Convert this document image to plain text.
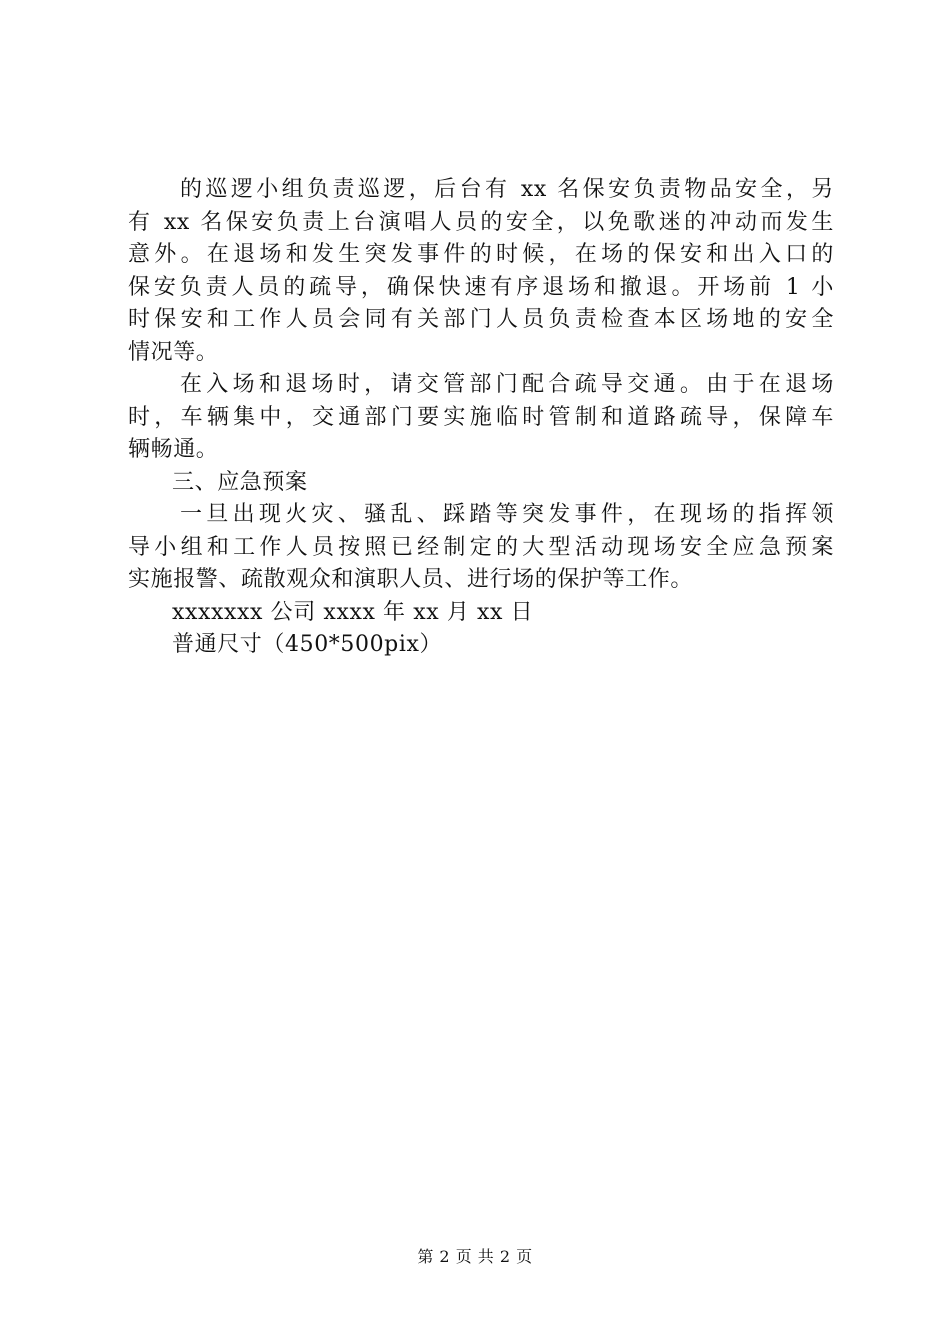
的巡逻小组负责巡逻，后台有 xx 名保安负责物品安全，另
有 xx 名保安负责上台演唱人员的安全，以免歌迷的冲动而发生
意外。在退场和发生突发事件的时候，在场的保安和出入口的
保安负责人员的疏导，确保快速有序退场和撤退。开场前 1 小
时保安和工作人员会同有关部门人员负责检查本区场地的安全
情况等。
在入场和退场时，请交管部门配合疏导交通。由于在退场
时，车辆集中，交通部门要实施临时管制和道路疏导，保障车
辆畅通。
三、应急预案
一旦出现火灾、骚乱、踩踏等突发事件，在现场的指挥领
导小组和工作人员按照已经制定的大型活动现场安全应急预案
实施报警、疏散观众和演职人员、进行场的保护等工作。
xxxxxxx 公司 xxxx 年 xx 月 xx 日
普通尺寸（450*500pix）
第 2 页 共 2 页
